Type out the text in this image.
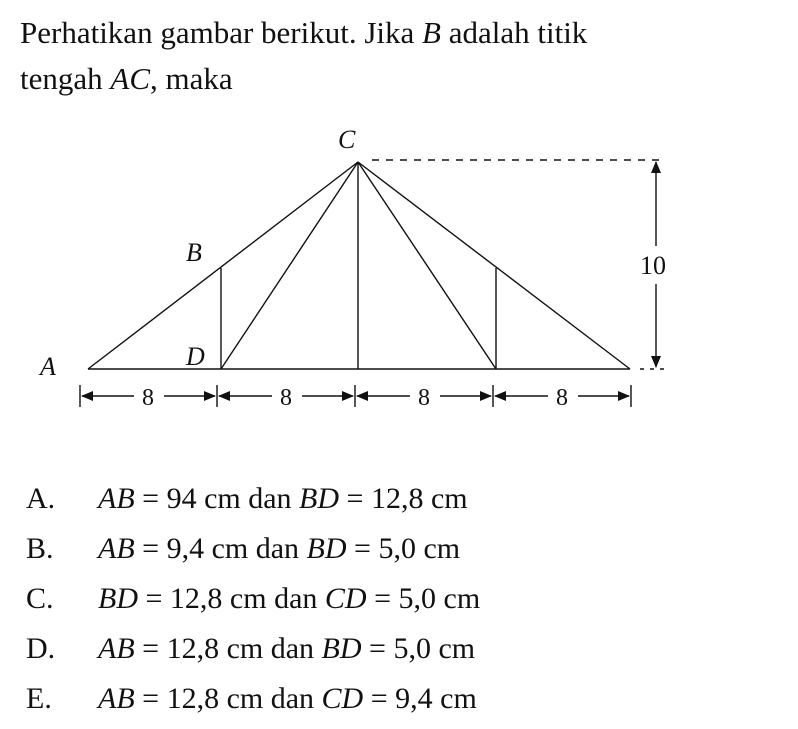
Perhatikan gambar berikut. Jika B adalah titik
tengah AC, maka
C
B
A	D
10
8	8	8	8
A.	AB = 94 cm dan BD = 12,8 cm
B.	AB = 9,4 cm dan BD = 5,0 cm
C.	BD = 12,8 cm dan CD = 5,0 cm
D.	AB = 12,8 cm dan BD = 5,0 cm
E.	AB = 12,8 cm dan CD = 9,4 cm
